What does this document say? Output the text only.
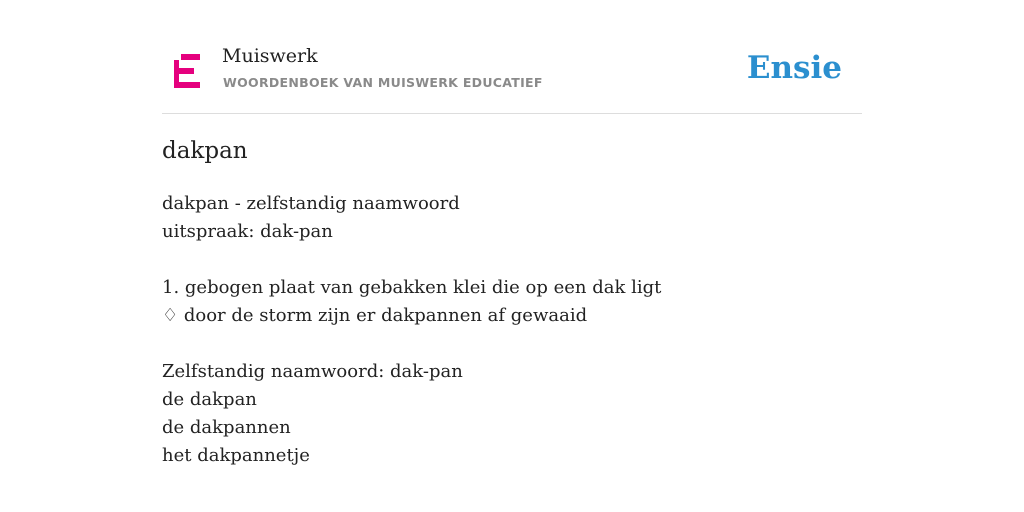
Muiswerk
WOORDENBOEK VAN MUISWERK EDUCATIEF	Ensie
dakpan
dakpan - zelfstandig naamwoord
uitspraak: dak-pan
1. gebogen plaat van gebakken klei die op een dak ligt
♢ door de storm zijn er dakpannen af gewaaid
Zelfstandig naamwoord: dak-pan
de dakpan
de dakpannen
het dakpannetje
